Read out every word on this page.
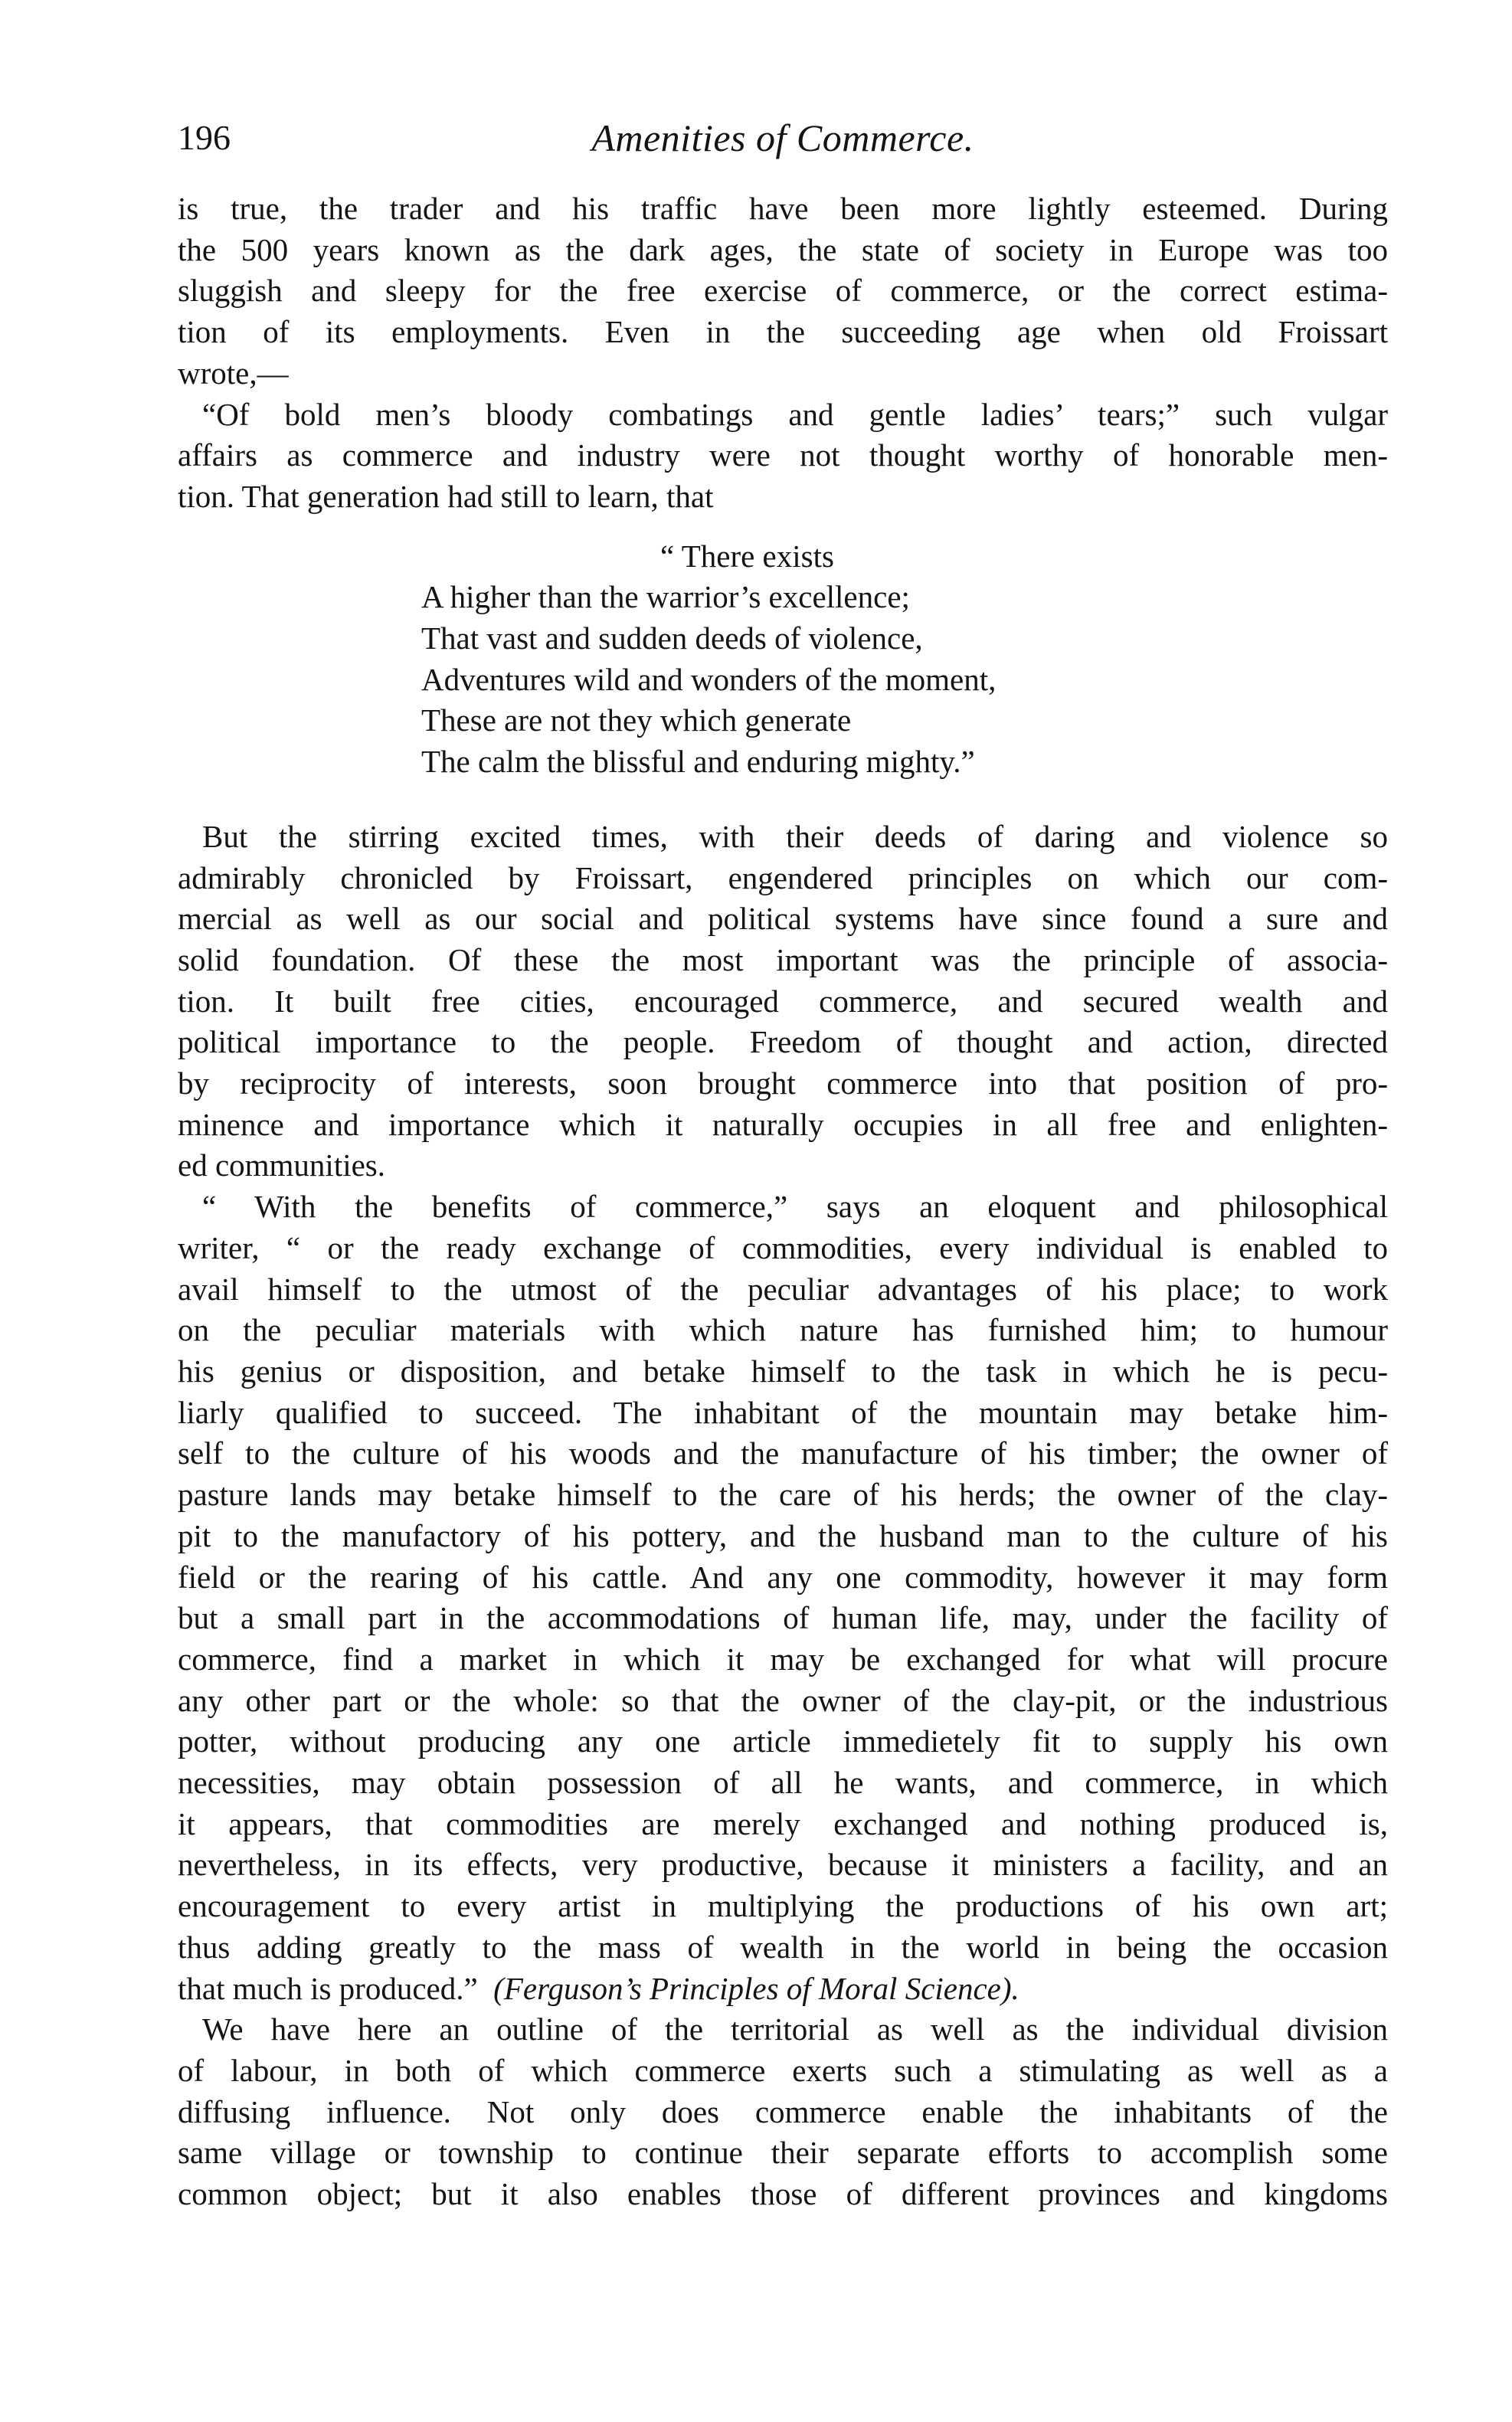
196	Amenities of Commerce.

is true, the trader and his traffic have been more lightly esteemed. During
the 500 years known as the dark ages, the state of society in Europe was too
sluggish and sleepy for the free exercise of commerce, or the correct estima-
tion of its employments. Even in the succeeding age when old Froissart
wrote,—

“Of bold men’s bloody combatings and gentle ladies’ tears;” such vulgar
affairs as commerce and industry were not thought worthy of honorable men-
tion. That generation had still to learn, that

“ There exists
A higher than the warrior’s excellence;
That vast and sudden deeds of violence,
Adventures wild and wonders of the moment,
These are not they which generate
The calm the blissful and enduring mighty.”

But the stirring excited times, with their deeds of daring and violence so
admirably chronicled by Froissart, engendered principles on which our com-
mercial as well as our social and political systems have since found a sure and
solid foundation. Of these the most important was the principle of associa-
tion. It built free cities, encouraged commerce, and secured wealth and
political importance to the people. Freedom of thought and action, directed
by reciprocity of interests, soon brought commerce into that position of pro-
minence and importance which it naturally occupies in all free and enlighten-
ed communities.

“ With the benefits of commerce,” says an eloquent and philosophical
writer, “ or the ready exchange of commodities, every individual is enabled to
avail himself to the utmost of the peculiar advantages of his place; to work
on the peculiar materials with which nature has furnished him; to humour
his genius or disposition, and betake himself to the task in which he is pecu-
liarly qualified to succeed. The inhabitant of the mountain may betake him-
self to the culture of his woods and the manufacture of his timber; the owner of
pasture lands may betake himself to the care of his herds; the owner of the clay-
pit to the manufactory of his pottery, and the husband man to the culture of his
field or the rearing of his cattle. And any one commodity, however it may form
but a small part in the accommodations of human life, may, under the facility of
commerce, find a market in which it may be exchanged for what will procure
any other part or the whole: so that the owner of the clay-pit, or the industrious
potter, without producing any one article immedietely fit to supply his own
necessities, may obtain possession of all he wants, and commerce, in which
it appears, that commodities are merely exchanged and nothing produced is,
nevertheless, in its effects, very productive, because it ministers a facility, and an
encouragement to every artist in multiplying the productions of his own art;
thus adding greatly to the mass of wealth in the world in being the occasion
that much is produced.” (Ferguson’s Principles of Moral Science).

We have here an outline of the territorial as well as the individual division
of labour, in both of which commerce exerts such a stimulating as well as a
diffusing influence. Not only does commerce enable the inhabitants of the
same village or township to continue their separate efforts to accomplish some
common object; but it also enables those of different provinces and kingdoms
